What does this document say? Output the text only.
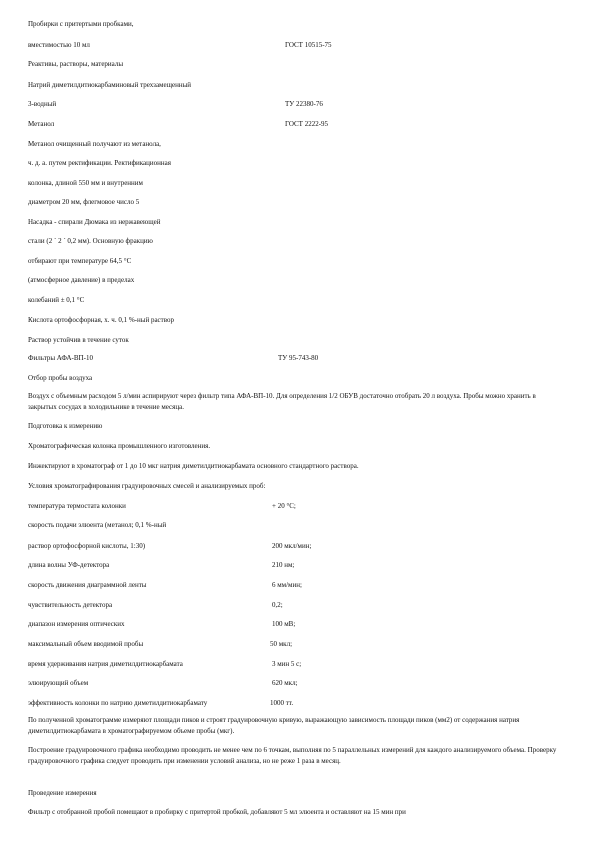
Пробирки с притертыми пробками,
вместимостью 10 мл	ГОСТ 10515-75
Реактивы, растворы, материалы
Натрий диметилдитиокарбаминовый трехзамещенный
3-водный	ТУ 22380-76
Метанол	ГОСТ 2222-95
Метанол очищенный получают из метанола,
ч. д. а. путем ректификации. Ректификационная
колонка, длиной 550 мм и внутренним
диаметром 20 мм, флегмовое число 5
Насадка - спирали Дюмака из нержавеющей
стали (2 ´ 2 ´ 0,2 мм). Основную фракцию
отбирают при температуре 64,5 °С
(атмосферное давление) в пределах
колебаний ± 0,1 °С
Кислота ортофосфорная, х. ч. 0,1 %-ный раствор
Раствор устойчив в течение суток
Фильтры АФА-ВП-10	ТУ 95-743-80
Отбор пробы воздуха
Воздух с объемным расходом 5 л/мин аспирируют через фильтр типа АФА-ВП-10. Для определения 1/2 ОБУВ достаточно отобрать 20 л воздуха. Пробы можно хранить в закрытых сосудах в холодильнике в течение месяца.
Подготовка к измерению
Хроматографическая колонка промышленного изготовления.
Инжектируют в хроматограф от 1 до 10 мкг натрия диметилдитиокарбамата основного стандартного раствора.
Условия хроматографирования градуировочных смесей и анализируемых проб:
температура термостата колонки	+ 20 °С;
скорость подачи элюента (метанол; 0,1 %-ный
раствор ортофосфорной кислоты, 1:30)	200 мкл/мин;
длина волны УФ-детектора	210 нм;
скорость движения диаграммной ленты	6 мм/мин;
чувствительность детектора	0,2;
диапазон измерения оптических	100 мВ;
максимальный объем вводимой пробы	50 мкл;
время удерживания натрия диметилдитиокарбамата	3 мин 5 с;
элюирующий объем	620 мкл;
эффективность колонки по натрию диметилдитиокарбамату	1000 тт.
По полученной хроматограмме измеряют площади пиков и строят градуировочную кривую, выражающую зависимость площади пиков (мм2) от содержания натрия диметилдитиокарбамата в хроматографируемом объеме пробы (мкг).
Построение градуировочного графика необходимо проводить не менее чем по 6 точкам, выполняя по 5 параллельных измерений для каждого анализируемого объема. Проверку градуировочного графика следует проводить при изменении условий анализа, но не реже 1 раза в месяц.
Проведение измерения
Фильтр с отобранной пробой помещают в пробирку с притертой пробкой, добавляют 5 мл элюента и оставляют на 15 мин при
